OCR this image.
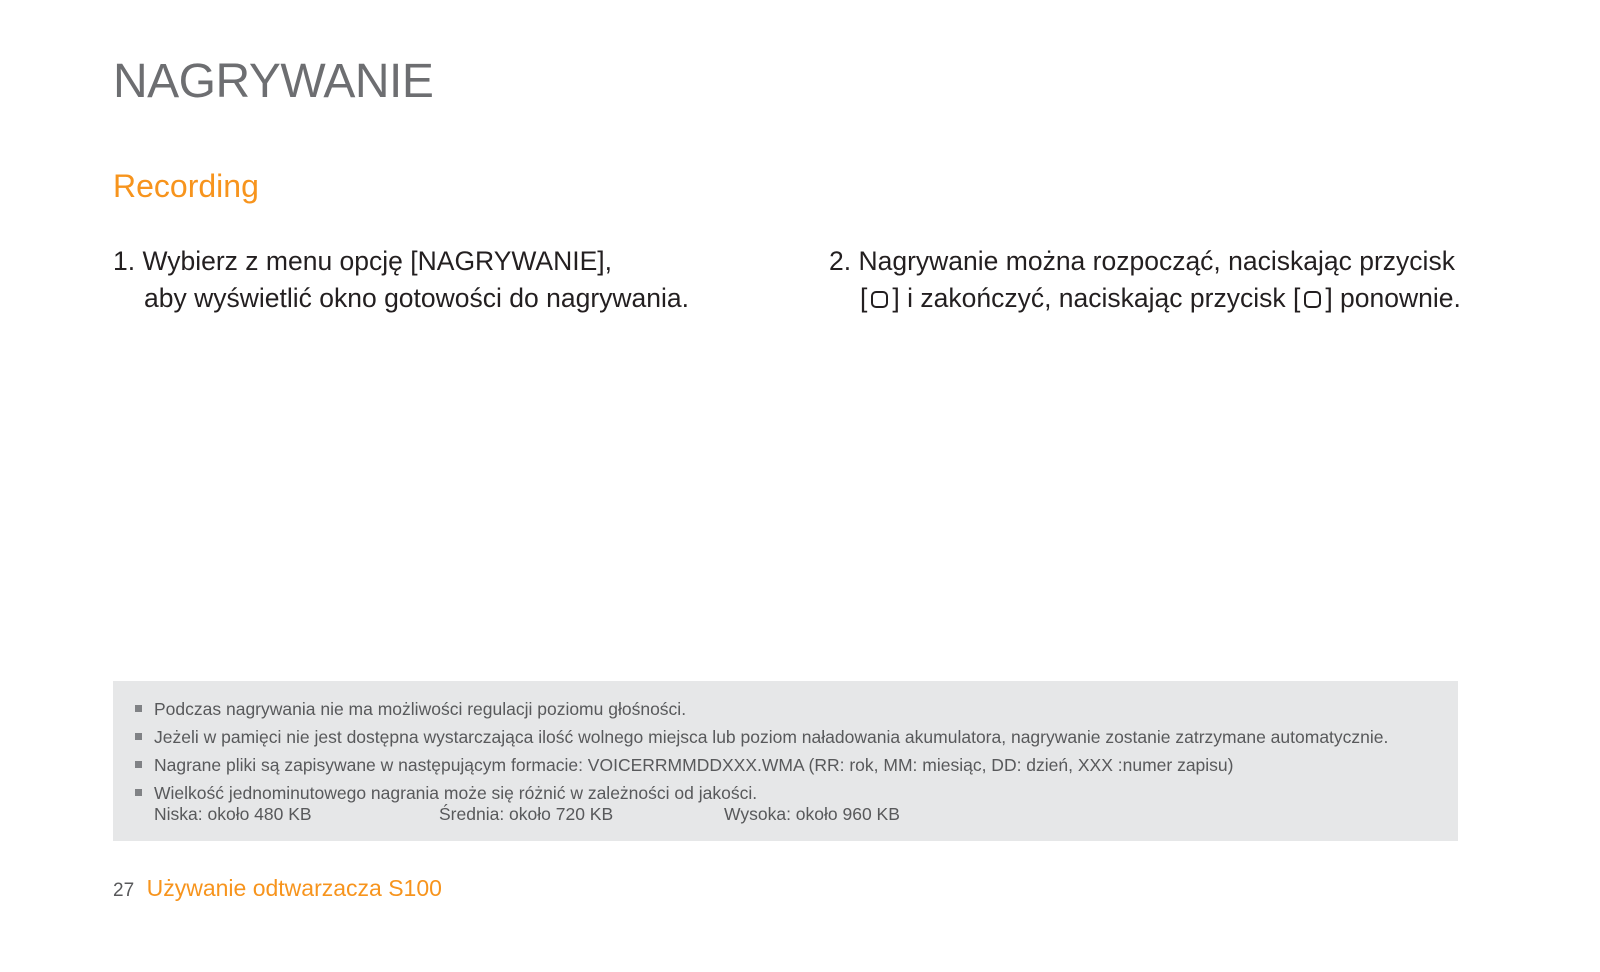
NAGRYWANIE
Recording
1. Wybierz z menu opcję [NAGRYWANIE],
aby wyświetlić okno gotowości do nagrywania.
2. Nagrywanie można rozpocząć, naciskając przycisk
[ ] i zakończyć, naciskając przycisk [ ] ponownie.
Podczas nagrywania nie ma możliwości regulacji poziomu głośności.
Jeżeli w pamięci nie jest dostępna wystarczająca ilość wolnego miejsca lub poziom naładowania akumulatora, nagrywanie zostanie zatrzymane automatycznie.
Nagrane pliki są zapisywane w następującym formacie: VOICERRMMDDXXX.WMA (RR: rok, MM: miesiąc, DD: dzień, XXX :numer zapisu)
Wielkość jednominutowego nagrania może się różnić w zależności od jakości.
Niska: około 480 KB	Średnia: około 720 KB	Wysoka: około 960 KB
27 Używanie odtwarzacza S100
